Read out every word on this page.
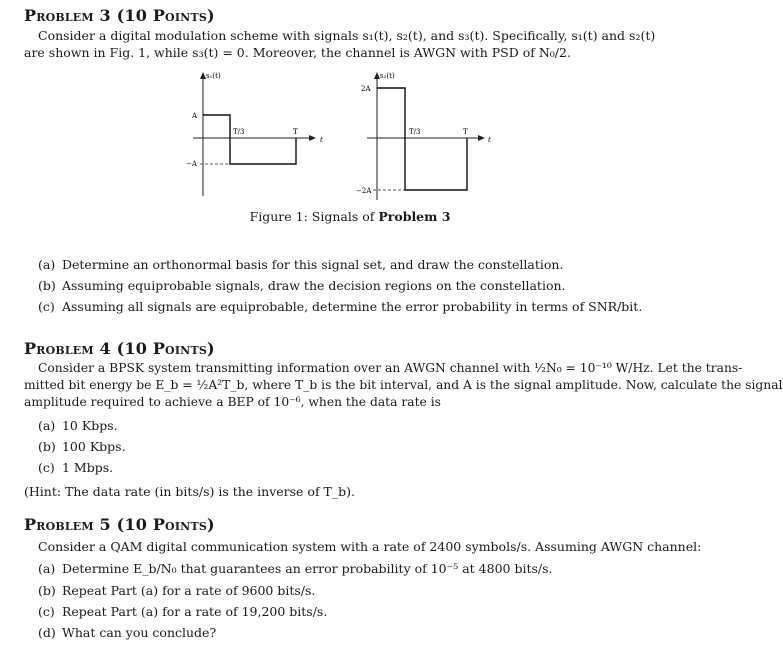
Problem 3 (10 Points)
Consider a digital modulation scheme with signals s₁(t), s₂(t), and s₃(t). Specifically, s₁(t) and s₂(t) are shown in Fig. 1, while s₃(t) = 0. Moreover, the channel is AWGN with PSD of N₀/2.
s₁(t)
t
A
−A
T/3	T
s₂(t)
t
2A
−2A
T/3	T
Figure 1: Signals of Problem 3
(a) Determine an orthonormal basis for this signal set, and draw the constellation.
(b) Assuming equiprobable signals, draw the decision regions on the constellation.
(c) Assuming all signals are equiprobable, determine the error probability in terms of SNR/bit.
Problem 4 (10 Points)
Consider a BPSK system transmitting information over an AWGN channel with ½N₀ = 10⁻¹⁰ W/Hz. Let the trans-
mitted bit energy be E_b = ½A²T_b, where T_b is the bit interval, and A is the signal amplitude. Now, calculate the signal
amplitude required to achieve a BEP of 10⁻⁶, when the data rate is
(a) 10 Kbps.
(b) 100 Kbps.
(c) 1 Mbps.
(Hint: The data rate (in bits/s) is the inverse of T_b).
Problem 5 (10 Points)
Consider a QAM digital communication system with a rate of 2400 symbols/s. Assuming AWGN channel:
(a) Determine E_b/N₀ that guarantees an error probability of 10⁻⁵ at 4800 bits/s.
(b) Repeat Part (a) for a rate of 9600 bits/s.
(c) Repeat Part (a) for a rate of 19,200 bits/s.
(d) What can you conclude?
